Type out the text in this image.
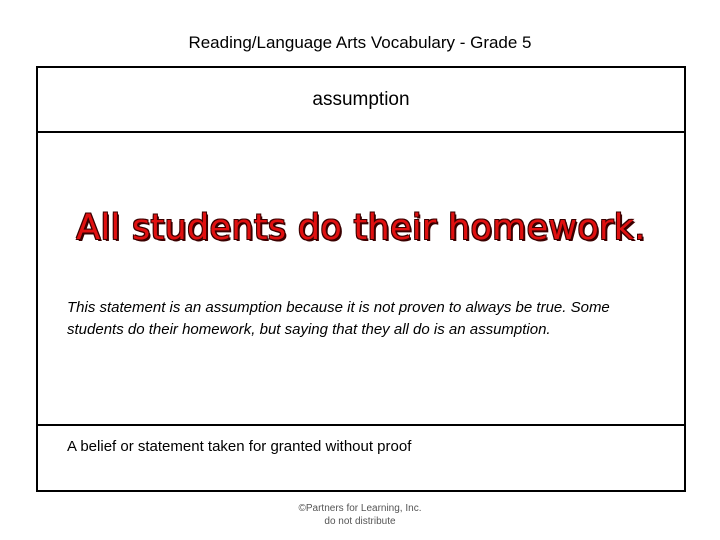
Reading/Language Arts Vocabulary - Grade 5
assumption
All students do their homework.
This statement is an assumption because it is not proven to always be true. Some students do their homework, but saying that they all do is an assumption.
A belief or statement taken for granted without proof
©Partners for Learning, Inc.
do not distribute
